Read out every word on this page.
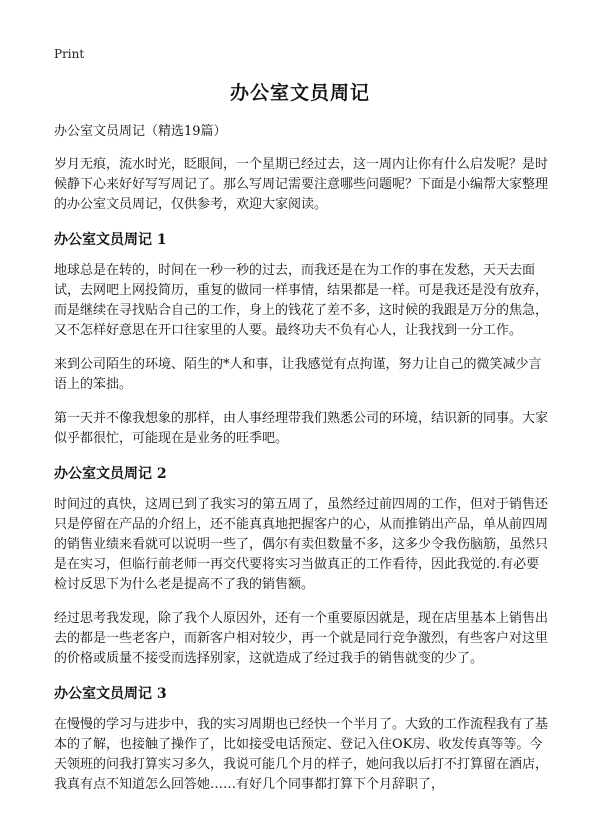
Print
办公室文员周记
办公室文员周记（精选19篇）

岁月无痕，流水时光，眨眼间，一个星期已经过去，这一周内让你有什么启发呢？是时候静下心来好好写写周记了。那么写周记需要注意哪些问题呢？下面是小编帮大家整理的办公室文员周记，仅供参考，欢迎大家阅读。

办公室文员周记 1

地球总是在转的，时间在一秒一秒的过去，而我还是在为工作的事在发愁，天天去面试，去网吧上网投简历，重复的做同一样事情，结果都是一样。可是我还是没有放弃，而是继续在寻找贴合自己的工作，身上的钱花了差不多，这时候的我跟是万分的焦急，又不怎样好意思在开口往家里的人要。最终功夫不负有心人，让我找到一分工作。

来到公司陌生的环境、陌生的*人和事，让我感觉有点拘谨，努力让自己的微笑减少言语上的笨拙。

第一天并不像我想象的那样，由人事经理带我们熟悉公司的环境，结识新的同事。大家似乎都很忙，可能现在是业务的旺季吧。

办公室文员周记 2

时间过的真快，这周已到了我实习的第五周了，虽然经过前四周的工作，但对于销售还只是停留在产品的介绍上，还不能真真地把握客户的心，从而推销出产品，单从前四周的销售业绩来看就可以说明一些了，偶尔有卖但数量不多，这多少令我伤脑筋，虽然只是在实习，但临行前老师一再交代要将实习当做真正的工作看待，因此我觉的.有必要检讨反思下为什么老是提高不了我的销售额。

经过思考我发现，除了我个人原因外，还有一个重要原因就是，现在店里基本上销售出去的都是一些老客户，而新客户相对较少，再一个就是同行竞争激烈，有些客户对这里的价格或质量不接受而选择别家，这就造成了经过我手的销售就变的少了。

办公室文员周记 3

在慢慢的学习与进步中，我的实习周期也已经快一个半月了。大致的工作流程我有了基本的了解，也接触了操作了，比如接受电话预定、登记入住OK房、收发传真等等。今天领班的问我打算实习多久，我说可能几个月的样子，她问我以后打不打算留在酒店，我真有点不知道怎么回答她……有好几个同事都打算下个月辞职了，
